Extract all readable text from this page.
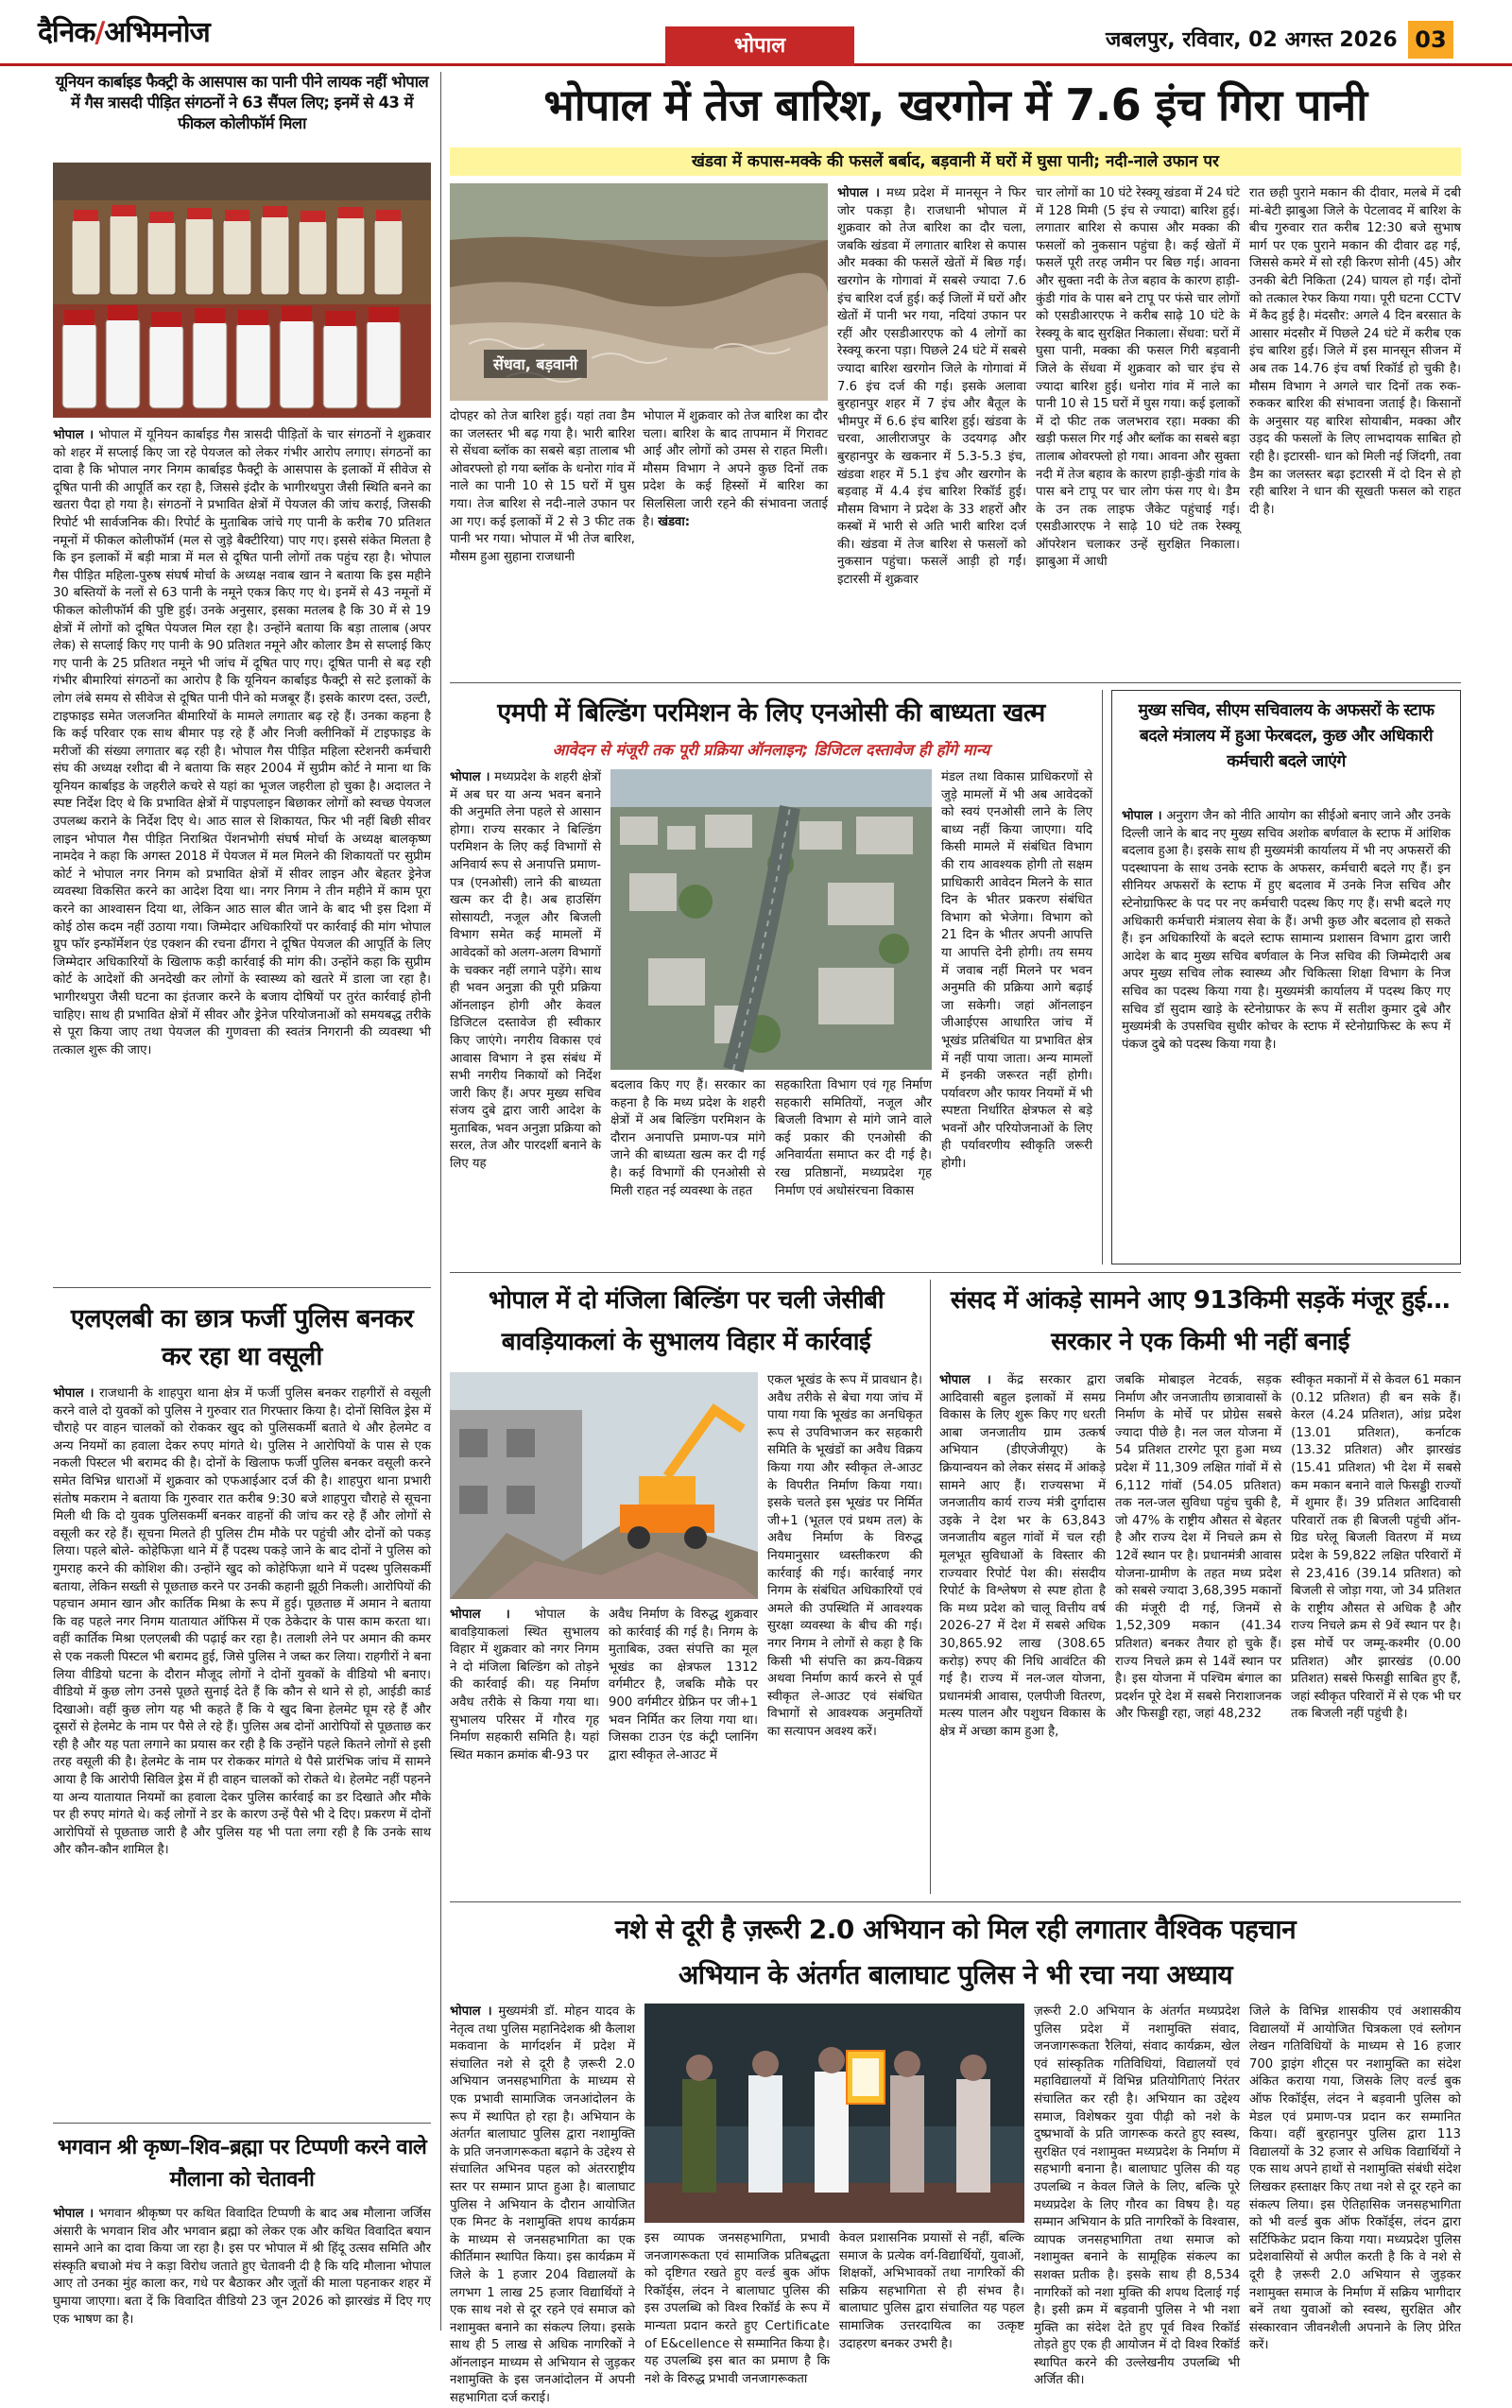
दैनिक/अभिमनोज	भोपाल	जबलपुर, रविवार, 02 अगस्त 2026 03
यूनियन कार्बाइड फैक्ट्री के आसपास का पानी पीने लायक नहीं भोपाल में गैस त्रासदी पीड़ित संगठनों ने 63 सैंपल लिए; इनमें से 43 में फीकल कोलीफॉर्म मिला
भोपाल । भोपाल में यूनियन कार्बाइड गैस त्रासदी पीड़ितों के चार संगठनों ने शुक्रवार को शहर में सप्लाई किए जा रहे पेयजल को लेकर गंभीर आरोप लगाए। संगठनों का दावा है कि भोपाल नगर निगम कार्बाइड फैक्ट्री के आसपास के इलाकों में सीवेज से दूषित पानी की आपूर्ति कर रहा है, जिससे इंदौर के भागीरथपुरा जैसी स्थिति बनने का खतरा पैदा हो गया है। संगठनों ने प्रभावित क्षेत्रों में पेयजल की जांच कराई, जिसकी रिपोर्ट भी सार्वजनिक की। रिपोर्ट के मुताबिक जांचे गए पानी के करीब 70 प्रतिशत नमूनों में फीकल कोलीफॉर्म (मल से जुड़े बैक्टीरिया) पाए गए। इससे संकेत मिलता है कि इन इलाकों में बड़ी मात्रा में मल से दूषित पानी लोगों तक पहुंच रहा है। भोपाल गैस पीड़ित महिला-पुरुष संघर्ष मोर्चा के अध्यक्ष नवाब खान ने बताया कि इस महीने 30 बस्तियों के नलों से 63 पानी के नमूने एकत्र किए गए थे। इनमें से 43 नमूनों में फीकल कोलीफॉर्म की पुष्टि हुई। उनके अनुसार, इसका मतलब है कि 30 में से 19 क्षेत्रों में लोगों को दूषित पेयजल मिल रहा है। उन्होंने बताया कि बड़ा तालाब (अपर लेक) से सप्लाई किए गए पानी के 90 प्रतिशत नमूने और कोलार डैम से सप्लाई किए गए पानी के 25 प्रतिशत नमूने भी जांच में दूषित पाए गए। दूषित पानी से बढ़ रही गंभीर बीमारियां संगठनों का आरोप है कि यूनियन कार्बाइड फैक्ट्री से सटे इलाकों के लोग लंबे समय से सीवेज से दूषित पानी पीने को मजबूर हैं। इसके कारण दस्त, उल्टी, टाइफाइड समेत जलजनित बीमारियों के मामले लगातार बढ़ रहे हैं। उनका कहना है कि कई परिवार एक साथ बीमार पड़ रहे हैं और निजी क्लीनिकों में टाइफाइड के मरीजों की संख्या लगातार बढ़ रही है। भोपाल गैस पीड़ित महिला स्टेशनरी कर्मचारी संघ की अध्यक्ष रशीदा बी ने बताया कि सहर 2004 में सुप्रीम कोर्ट ने माना था कि यूनियन कार्बाइड के जहरीले कचरे से यहां का भूजल जहरीला हो चुका है। अदालत ने स्पष्ट निर्देश दिए थे कि प्रभावित क्षेत्रों में पाइपलाइन बिछाकर लोगों को स्वच्छ पेयजल उपलब्ध कराने के निर्देश दिए थे। आठ साल से शिकायत, फिर भी नहीं बिछी सीवर लाइन भोपाल गैस पीड़ित निराश्रित पेंशनभोगी संघर्ष मोर्चा के अध्यक्ष बालकृष्ण नामदेव ने कहा कि अगस्त 2018 में पेयजल में मल मिलने की शिकायतों पर सुप्रीम कोर्ट ने भोपाल नगर निगम को प्रभावित क्षेत्रों में सीवर लाइन और बेहतर ड्रेनेज व्यवस्था विकसित करने का आदेश दिया था। नगर निगम ने तीन महीने में काम पूरा करने का आश्वासन दिया था, लेकिन आठ साल बीत जाने के बाद भी इस दिशा में कोई ठोस कदम नहीं उठाया गया। जिम्मेदार अधिकारियों पर कार्रवाई की मांग भोपाल ग्रुप फॉर इन्फॉर्मेशन एंड एक्शन की रचना ढींगरा ने दूषित पेयजल की आपूर्ति के लिए जिम्मेदार अधिकारियों के खिलाफ कड़ी कार्रवाई की मांग की। उन्होंने कहा कि सुप्रीम कोर्ट के आदेशों की अनदेखी कर लोगों के स्वास्थ्य को खतरे में डाला जा रहा है। भागीरथपुरा जैसी घटना का इंतजार करने के बजाय दोषियों पर तुरंत कार्रवाई होनी चाहिए। साथ ही प्रभावित क्षेत्रों में सीवर और ड्रेनेज परियोजनाओं को समयबद्ध तरीके से पूरा किया जाए तथा पेयजल की गुणवत्ता की स्वतंत्र निगरानी की व्यवस्था भी तत्काल शुरू की जाए।
एलएलबी का छात्र फर्जी पुलिस बनकर कर रहा था वसूली
भोपाल । राजधानी के शाहपुरा थाना क्षेत्र में फर्जी पुलिस बनकर राहगीरों से वसूली करने वाले दो युवकों को पुलिस ने गुरुवार रात गिरफ्तार किया है। दोनों सिविल ड्रेस में चौराहे पर वाहन चालकों को रोककर खुद को पुलिसकर्मी बताते थे और हेलमेट व अन्य नियमों का हवाला देकर रुपए मांगते थे। पुलिस ने आरोपियों के पास से एक नकली पिस्टल भी बरामद की है। दोनों के खिलाफ फर्जी पुलिस बनकर वसूली करने समेत विभिन्न धाराओं में शुक्रवार को एफआईआर दर्ज की है। शाहपुरा थाना प्रभारी संतोष मकराम ने बताया कि गुरुवार रात करीब 9:30 बजे शाहपुरा चौराहे से सूचना मिली थी कि दो युवक पुलिसकर्मी बनकर वाहनों की जांच कर रहे हैं और लोगों से वसूली कर रहे हैं। सूचना मिलते ही पुलिस टीम मौके पर पहुंची और दोनों को पकड़ लिया। पहले बोले- कोहेफिज़ा थाने में हैं पदस्थ पकड़े जाने के बाद दोनों ने पुलिस को गुमराह करने की कोशिश की। उन्होंने खुद को कोहेफिज़ा थाने में पदस्थ पुलिसकर्मी बताया, लेकिन सख्ती से पूछताछ करने पर उनकी कहानी झूठी निकली। आरोपियों की पहचान अमान खान और कार्तिक मिश्रा के रूप में हुई। पूछताछ में अमान ने बताया कि वह पहले नगर निगम यातायात ऑफिस में एक ठेकेदार के पास काम करता था। वहीं कार्तिक मिश्रा एलएलबी की पढ़ाई कर रहा है। तलाशी लेने पर अमान की कमर से एक नकली पिस्टल भी बरामद हुई, जिसे पुलिस ने जब्त कर लिया। राहगीरों ने बना लिया वीडियो घटना के दौरान मौजूद लोगों ने दोनों युवकों के वीडियो भी बनाए। वीडियो में कुछ लोग उनसे पूछते सुनाई देते हैं कि कौन से थाने से हो, आईडी कार्ड दिखाओ। वहीं कुछ लोग यह भी कहते हैं कि ये खुद बिना हेलमेट घूम रहे हैं और दूसरों से हेलमेट के नाम पर पैसे ले रहे हैं। पुलिस अब दोनों आरोपियों से पूछताछ कर रही है और यह पता लगाने का प्रयास कर रही है कि उन्होंने पहले कितने लोगों से इसी तरह वसूली की है। हेलमेट के नाम पर रोककर मांगते थे पैसे प्रारंभिक जांच में सामने आया है कि आरोपी सिविल ड्रेस में ही वाहन चालकों को रोकते थे। हेलमेट नहीं पहनने या अन्य यातायात नियमों का हवाला देकर पुलिस कार्रवाई का डर दिखाते और मौके पर ही रुपए मांगते थे। कई लोगों ने डर के कारण उन्हें पैसे भी दे दिए। प्रकरण में दोनों आरोपियों से पूछताछ जारी है और पुलिस यह भी पता लगा रही है कि उनके साथ और कौन-कौन शामिल है।
भगवान श्री कृष्ण–शिव–ब्रह्मा पर टिप्पणी करने वाले मौलाना को चेतावनी
भोपाल । भगवान श्रीकृष्ण पर कथित विवादित टिप्पणी के बाद अब मौलाना जर्जिस अंसारी के भगवान शिव और भगवान ब्रह्मा को लेकर एक और कथित विवादित बयान सामने आने का दावा किया जा रहा है। इस पर भोपाल में श्री हिंदू उत्सव समिति और संस्कृति बचाओ मंच ने कड़ा विरोध जताते हुए चेतावनी दी है कि यदि मौलाना भोपाल आए तो उनका मुंह काला कर, गधे पर बैठाकर और जूतों की माला पहनाकर शहर में घुमाया जाएगा। बता दें कि विवादित वीडियो 23 जून 2026 को झारखंड में दिए गए एक भाषण का है।
भोपाल में तेज बारिश, खरगोन में 7.6 इंच गिरा पानी
खंडवा में कपास-मक्के की फसलें बर्बाद, बड़वानी में घरों में घुसा पानी; नदी-नाले उफान पर
सेंधवा, बड़वानी
दोपहर को तेज बारिश हुई। यहां तवा डैम का जलस्तर भी बढ़ गया है। भारी बारिश से सेंधवा ब्लॉक का सबसे बड़ा तालाब भी ओवरफ्लो हो गया ब्लॉक के धनोरा गांव में नाले का पानी 10 से 15 घरों में घुस गया। तेज बारिश से नदी-नाले उफान पर आ गए। कई इलाकों में 2 से 3 फीट तक पानी भर गया। भोपाल में भी तेज बारिश, मौसम हुआ सुहाना राजधानी
भोपाल में शुक्रवार को तेज बारिश का दौर चला। बारिश के बाद तापमान में गिरावट आई और लोगों को उमस से राहत मिली। मौसम विभाग ने अपने कुछ दिनों तक प्रदेश के कई हिस्सों में बारिश का सिलसिला जारी रहने की संभावना जताई है। खंडवा:
भोपाल । मध्य प्रदेश में मानसून ने फिर जोर पकड़ा है। राजधानी भोपाल में शुक्रवार को तेज बारिश का दौर चला, जबकि खंडवा में लगातार बारिश से कपास और मक्का की फसलें खेतों में बिछ गईं। खरगोन के गोगावां में सबसे ज्यादा 7.6 इंच बारिश दर्ज हुई। कई जिलों में घरों और खेतों में पानी भर गया, नदियां उफान पर रहीं और एसडीआरएफ को 4 लोगों का रेस्क्यू करना पड़ा। पिछले 24 घंटे में सबसे ज्यादा बारिश खरगोन जिले के गोगावां में 7.6 इंच दर्ज की गई। इसके अलावा बुरहानपुर शहर में 7 इंच और बैतूल के भीमपुर में 6.6 इंच बारिश हुई। खंडवा के चरवा, आलीराजपुर के उदयगढ़ और बुरहानपुर के खकनार में 5.3-5.3 इंच, खंडवा शहर में 5.1 इंच और खरगोन के बड़वाह में 4.4 इंच बारिश रिकॉर्ड हुई। मौसम विभाग ने प्रदेश के 33 शहरों और कस्बों में भारी से अति भारी बारिश दर्ज की। खंडवा में तेज बारिश से फसलों को नुकसान पहुंचा। फसलें आड़ी हो गईं। इटारसी में शुक्रवार
चार लोगों का 10 घंटे रेस्क्यू खंडवा में 24 घंटे में 128 मिमी (5 इंच से ज्यादा) बारिश हुई। लगातार बारिश से कपास और मक्का की फसलों को नुकसान पहुंचा है। कई खेतों में फसलें पूरी तरह जमीन पर बिछ गई। आवना और सुक्ता नदी के तेज बहाव के कारण हाड़ी-कुंडी गांव के पास बने टापू पर फंसे चार लोगों को एसडीआरएफ ने करीब साढ़े 10 घंटे के रेस्क्यू के बाद सुरक्षित निकाला। सेंधवा: घरों में घुसा पानी, मक्का की फसल गिरी बड़वानी जिले के सेंधवा में शुक्रवार को चार इंच से ज्यादा बारिश हुई। धनोरा गांव में नाले का पानी 10 से 15 घरों में घुस गया। कई इलाकों में दो फीट तक जलभराव रहा। मक्का की खड़ी फसल गिर गई और ब्लॉक का सबसे बड़ा तालाब ओवरफ्लो हो गया। आवना और सुक्ता नदी में तेज बहाव के कारण हाड़ी-कुंडी गांव के पास बने टापू पर चार लोग फंस गए थे। डैम के उन तक लाइफ जैकेट पहुंचाई गई। एसडीआरएफ ने साढ़े 10 घंटे तक रेस्क्यू ऑपरेशन चलाकर उन्हें सुरक्षित निकाला। झाबुआ में आधी
रात छही पुराने मकान की दीवार, मलबे में दबी मां-बेटी झाबुआ जिले के पेटलावद में बारिश के बीच गुरुवार रात करीब 12:30 बजे सुभाष मार्ग पर एक पुराने मकान की दीवार ढह गई, जिससे कमरे में सो रही किरण सोनी (45) और उनकी बेटी निकिता (24) घायल हो गईं। दोनों को तत्काल रेफर किया गया। पूरी घटना CCTV में कैद हुई है। मंदसौर: अगले 4 दिन बरसात के आसार मंदसौर में पिछले 24 घंटे में करीब एक इंच बारिश हुई। जिले में इस मानसून सीजन में अब तक 14.76 इंच वर्षा रिकॉर्ड हो चुकी है। मौसम विभाग ने अगले चार दिनों तक रुक-रुककर बारिश की संभावना जताई है। किसानों के अनुसार यह बारिश सोयाबीन, मक्का और उड़द की फसलों के लिए लाभदायक साबित हो रही है। इटारसी- धान को मिली नई जिंदगी, तवा डैम का जलस्तर बढ़ा इटारसी में दो दिन से हो रही बारिश ने धान की सूखती फसल को राहत दी है।
एमपी में बिल्डिंग परमिशन के लिए एनओसी की बाध्यता खत्म
आवेदन से मंजूरी तक पूरी प्रक्रिया ऑनलाइन; डिजिटल दस्तावेज ही होंगे मान्य
भोपाल । मध्यप्रदेश के शहरी क्षेत्रों में अब घर या अन्य भवन बनाने की अनुमति लेना पहले से आसान होगा। राज्य सरकार ने बिल्डिंग परमिशन के लिए कई विभागों से अनिवार्य रूप से अनापत्ति प्रमाण-पत्र (एनओसी) लाने की बाध्यता खत्म कर दी है। अब हाउसिंग सोसायटी, नजूल और बिजली विभाग समेत कई मामलों में आवेदकों को अलग-अलग विभागों के चक्कर नहीं लगाने पड़ेंगे। साथ ही भवन अनुज्ञा की पूरी प्रक्रिया ऑनलाइन होगी और केवल डिजिटल दस्तावेज ही स्वीकार किए जाएंगे। नगरीय विकास एवं आवास विभाग ने इस संबंध में सभी नगरीय निकायों को निर्देश जारी किए हैं। अपर मुख्य सचिव संजय दुबे द्वारा जारी आदेश के मुताबिक, भवन अनुज्ञा प्रक्रिया को सरल, तेज और पारदर्शी बनाने के लिए यह
बदलाव किए गए हैं। सरकार का कहना है कि मध्य प्रदेश के शहरी क्षेत्रों में अब बिल्डिंग परमिशन के दौरान अनापत्ति प्रमाण-पत्र मांगे जाने की बाध्यता खत्म कर दी गई है। कई विभागों की एनओसी से मिली राहत नई व्यवस्था के तहत
सहकारिता विभाग एवं गृह निर्माण सहकारी समितियों, नजूल और बिजली विभाग से मांगे जाने वाले कई प्रकार की एनओसी की अनिवार्यता समाप्त कर दी गई है। रख प्रतिष्ठानों, मध्यप्रदेश गृह निर्माण एवं अधोसंरचना विकास
मंडल तथा विकास प्राधिकरणों से जुड़े मामलों में भी अब आवेदकों को स्वयं एनओसी लाने के लिए बाध्य नहीं किया जाएगा। यदि किसी मामले में संबंधित विभाग की राय आवश्यक होगी तो सक्षम प्राधिकारी आवेदन मिलने के सात दिन के भीतर प्रकरण संबंधित विभाग को भेजेगा। विभाग को 21 दिन के भीतर अपनी आपत्ति या आपत्ति देनी होगी। तय समय में जवाब नहीं मिलने पर भवन अनुमति की प्रक्रिया आगे बढ़ाई जा सकेगी। जहां ऑनलाइन जीआईएस आधारित जांच में भूखंड प्रतिबंधित या प्रभावित क्षेत्र में नहीं पाया जाता। अन्य मामलों में इनकी जरूरत नहीं होगी। पर्यावरण और फायर नियमों में भी स्पष्टता निर्धारित क्षेत्रफल से बड़े भवनों और परियोजनाओं के लिए ही पर्यावरणीय स्वीकृति जरूरी होगी।
मुख्य सचिव, सीएम सचिवालय के अफसरों के स्टाफ बदले मंत्रालय में हुआ फेरबदल, कुछ और अधिकारी कर्मचारी बदले जाएंगे
भोपाल । अनुराग जैन को नीति आयोग का सीईओ बनाए जाने और उनके दिल्ली जाने के बाद नए मुख्य सचिव अशोक बर्णवाल के स्टाफ में आंशिक बदलाव हुआ है। इसके साथ ही मुख्यमंत्री कार्यालय में भी नए अफसरों की पदस्थापना के साथ उनके स्टाफ के अफसर, कर्मचारी बदले गए हैं। इन सीनियर अफसरों के स्टाफ में हुए बदलाव में उनके निज सचिव और स्टेनोग्राफिस्ट के पद पर नए कर्मचारी पदस्थ किए गए हैं। सभी बदले गए अधिकारी कर्मचारी मंत्रालय सेवा के हैं। अभी कुछ और बदलाव हो सकते हैं। इन अधिकारियों के बदले स्टाफ सामान्य प्रशासन विभाग द्वारा जारी आदेश के बाद मुख्य सचिव बर्णवाल के निज सचिव की जिम्मेदारी अब अपर मुख्य सचिव लोक स्वास्थ्य और चिकित्सा शिक्षा विभाग के निज सचिव का पदस्थ किया गया है। मुख्यमंत्री कार्यालय में पदस्थ किए गए सचिव डॉ सुदाम खाड़े के स्टेनोग्राफर के रूप में सतीश कुमार दुबे और मुख्यमंत्री के उपसचिव सुधीर कोचर के स्टाफ में स्टेनोग्राफिस्ट के रूप में पंकज दुबे को पदस्थ किया गया है।
भोपाल में दो मंजिला बिल्डिंग पर चली जेसीबी बावड़ियाकलां के सुभालय विहार में कार्रवाई
भोपाल । भोपाल के बावड़ियाकलां स्थित सुभालय विहार में शुक्रवार को नगर निगम ने दो मंजिला बिल्डिंग को तोड़ने की कार्रवाई की। यह निर्माण अवैध तरीके से किया गया था। सुभालय परिसर में गौरव गृह निर्माण सहकारी समिति है। यहां स्थित मकान क्रमांक बी-93 पर
अवैध निर्माण के विरुद्ध शुक्रवार को कार्रवाई की गई है। निगम के मुताबिक, उक्त संपत्ति का मूल भूखंड का क्षेत्रफल 1312 वर्गमीटर है, जबकि मौके पर 900 वर्गमीटर ग्रेफ्रिन पर जी+1 भवन निर्मित कर लिया गया था। जिसका टाउन एंड कंट्री प्लानिंग द्वारा स्वीकृत ले-आउट में
एकल भूखंड के रूप में प्रावधान है। अवैध तरीके से बेचा गया जांच में पाया गया कि भूखंड का अनधिकृत रूप से उपविभाजन कर सहकारी समिति के भूखंडों का अवैध विक्रय किया गया और स्वीकृत ले-आउट के विपरीत निर्माण किया गया। इसके चलते इस भूखंड पर निर्मित जी+1 (भूतल एवं प्रथम तल) के अवैध निर्माण के विरुद्ध नियमानुसार ध्वस्तीकरण की कार्रवाई की गई। कार्रवाई नगर निगम के संबंधित अधिकारियों एवं अमले की उपस्थिति में आवश्यक सुरक्षा व्यवस्था के बीच की गई। नगर निगम ने लोगों से कहा है कि किसी भी संपत्ति का क्रय-विक्रय अथवा निर्माण कार्य करने से पूर्व स्वीकृत ले-आउट एवं संबंधित विभागों से आवश्यक अनुमतियों का सत्यापन अवश्य करें।
संसद में आंकड़े सामने आए 913किमी सड़कें मंजूर हुई…सरकार ने एक किमी भी नहीं बनाई
भोपाल । केंद्र सरकार द्वारा आदिवासी बहुल इलाकों में समग्र विकास के लिए शुरू किए गए धरती आबा जनजातीय ग्राम उत्कर्ष अभियान (डीएजेजीयूए) के क्रियान्वयन को लेकर संसद में आंकड़े सामने आए हैं। राज्यसभा में जनजातीय कार्य राज्य मंत्री दुर्गादास उइके ने देश भर के 63,843 जनजातीय बहुल गांवों में चल रही मूलभूत सुविधाओं के विस्तार की राज्यवार रिपोर्ट पेश की। संसदीय रिपोर्ट के विश्लेषण से स्पष्ट होता है कि मध्य प्रदेश को चालू वित्तीय वर्ष 2026-27 में देश में सबसे अधिक 30,865.92 लाख (308.65 करोड़) रुपए की निधि आवंटित की गई है। राज्य में नल-जल योजना, प्रधानमंत्री आवास, एलपीजी वितरण, मत्स्य पालन और पशुधन विकास के क्षेत्र में अच्छा काम हुआ है,
जबकि मोबाइल नेटवर्क, सड़क निर्माण और जनजातीय छात्रावासों के निर्माण के मोर्चे पर प्रोग्रेस सबसे ज्यादा पीछे है। नल जल योजना में 54 प्रतिशत टारगेट पूरा हुआ मध्य प्रदेश में 11,309 लक्षित गांवों में से 6,112 गांवों (54.05 प्रतिशत) तक नल-जल सुविधा पहुंच चुकी है, जो 47% के राष्ट्रीय औसत से बेहतर है और राज्य देश में निचले क्रम से 12वें स्थान पर है। प्रधानमंत्री आवास योजना-ग्रामीण के तहत मध्य प्रदेश को सबसे ज्यादा 3,68,395 मकानों की मंजूरी दी गई, जिनमें से 1,52,309 मकान (41.34 प्रतिशत) बनकर तैयार हो चुके हैं। राज्य निचले क्रम से 14वें स्थान पर है। इस योजना में पश्चिम बंगाल का प्रदर्शन पूरे देश में सबसे निराशाजनक और फिसड्डी रहा, जहां 48,232
स्वीकृत मकानों में से केवल 61 मकान (0.12 प्रतिशत) ही बन सके हैं। केरल (4.24 प्रतिशत), आंध्र प्रदेश (13.01 प्रतिशत), कर्नाटक (13.32 प्रतिशत) और झारखंड (15.41 प्रतिशत) भी देश में सबसे कम मकान बनाने वाले फिसड्डी राज्यों में शुमार हैं। 39 प्रतिशत आदिवासी परिवारों तक ही बिजली पहुंची ऑन-ग्रिड घरेलू बिजली वितरण में मध्य प्रदेश के 59,822 लक्षित परिवारों में से 23,416 (39.14 प्रतिशत) को बिजली से जोड़ा गया, जो 34 प्रतिशत के राष्ट्रीय औसत से अधिक है और राज्य निचले क्रम से 9वें स्थान पर है। इस मोर्चे पर जम्मू-कश्मीर (0.00 प्रतिशत) और झारखंड (0.00 प्रतिशत) सबसे फिसड्डी साबित हुए हैं, जहां स्वीकृत परिवारों में से एक भी घर तक बिजली नहीं पहुंची है।
नशे से दूरी है ज़रूरी 2.0 अभियान को मिल रही लगातार वैश्विक पहचान
अभियान के अंतर्गत बालाघाट पुलिस ने भी रचा नया अध्याय
भोपाल । मुख्यमंत्री डॉ. मोहन यादव के नेतृत्व तथा पुलिस महानिदेशक श्री कैलाश मकवाना के मार्गदर्शन में प्रदेश में संचालित नशे से दूरी है ज़रूरी 2.0 अभियान जनसहभागिता के माध्यम से एक प्रभावी सामाजिक जनआंदोलन के रूप में स्थापित हो रहा है। अभियान के अंतर्गत बालाघाट पुलिस द्वारा नशामुक्ति के प्रति जनजागरूकता बढ़ाने के उद्देश्य से संचालित अभिनव पहल को अंतरराष्ट्रीय स्तर पर सम्मान प्राप्त हुआ है। बालाघाट पुलिस ने अभियान के दौरान आयोजित एक मिनट के नशामुक्ति शपथ कार्यक्रम के माध्यम से जनसहभागिता का एक कीर्तिमान स्थापित किया। इस कार्यक्रम में जिले के 1 हजार 204 विद्यालयों के लगभग 1 लाख 25 हजार विद्यार्थियों ने एक साथ नशे से दूर रहने एवं समाज को नशामुक्त बनाने का संकल्प लिया। इसके साथ ही 5 लाख से अधिक नागरिकों ने ऑनलाइन माध्यम से अभियान से जुड़कर नशामुक्ति के इस जनआंदोलन में अपनी सहभागिता दर्ज कराई।
इस व्यापक जनसहभागिता, प्रभावी जनजागरूकता एवं सामाजिक प्रतिबद्धता को दृष्टिगत रखते हुए वर्ल्ड बुक ऑफ रिकॉर्ड्स, लंदन ने बालाघाट पुलिस की इस उपलब्धि को विश्व रिकॉर्ड के रूप में मान्यता प्रदान करते हुए Certificate of E&cellence से सम्मानित किया है। यह उपलब्धि इस बात का प्रमाण है कि नशे के विरुद्ध प्रभावी जनजागरूकता
केवल प्रशासनिक प्रयासों से नहीं, बल्कि समाज के प्रत्येक वर्ग-विद्यार्थियों, युवाओं, शिक्षकों, अभिभावकों तथा नागरिकों की सक्रिय सहभागिता से ही संभव है। बालाघाट पुलिस द्वारा संचालित यह पहल सामाजिक उत्तरदायित्व का उत्कृष्ट उदाहरण बनकर उभरी है।
ज़रूरी 2.0 अभियान के अंतर्गत मध्यप्रदेश पुलिस प्रदेश में नशामुक्ति संवाद, जनजागरूकता रैलियां, संवाद कार्यक्रम, खेल एवं सांस्कृतिक गतिविधियां, विद्यालयों एवं महाविद्यालयों में विभिन्न प्रतियोगिताएं निरंतर संचालित कर रही है। अभियान का उद्देश्य समाज, विशेषकर युवा पीढ़ी को नशे के दुष्प्रभावों के प्रति जागरूक करते हुए स्वस्थ, सुरक्षित एवं नशामुक्त मध्यप्रदेश के निर्माण में सहभागी बनाना है। बालाघाट पुलिस की यह उपलब्धि न केवल जिले के लिए, बल्कि पूरे मध्यप्रदेश के लिए गौरव का विषय है। यह सम्मान अभियान के प्रति नागरिकों के विश्वास, व्यापक जनसहभागिता तथा समाज को नशामुक्त बनाने के सामूहिक संकल्प का सशक्त प्रतीक है। इसके साथ ही 8,534 नागरिकों को नशा मुक्ति की शपथ दिलाई गई है। इसी क्रम में बड़वानी पुलिस ने भी नशा मुक्ति का संदेश देते हुए पूर्व विश्व रिकॉर्ड तोड़ते हुए एक ही आयोजन में दो विश्व रिकॉर्ड स्थापित करने की उल्लेखनीय उपलब्धि भी अर्जित की।
जिले के विभिन्न शासकीय एवं अशासकीय विद्यालयों में आयोजित चित्रकला एवं स्लोगन लेखन गतिविधियों के माध्यम से 16 हजार 700 ड्राइंग शीट्स पर नशामुक्ति का संदेश अंकित कराया गया, जिसके लिए वर्ल्ड बुक ऑफ रिकॉर्ड्स, लंदन ने बड़वानी पुलिस को मेडल एवं प्रमाण-पत्र प्रदान कर सम्मानित किया। वहीं बुरहानपुर पुलिस द्वारा 113 विद्यालयों के 32 हजार से अधिक विद्यार्थियों ने एक साथ अपने हाथों से नशामुक्ति संबंधी संदेश लिखकर हस्ताक्षर किए तथा नशे से दूर रहने का संकल्प लिया। इस ऐतिहासिक जनसहभागिता को भी वर्ल्ड बुक ऑफ रिकॉर्ड्स, लंदन द्वारा सर्टिफिकेट प्रदान किया गया। मध्यप्रदेश पुलिस प्रदेशवासियों से अपील करती है कि वे नशे से दूरी है ज़रूरी 2.0 अभियान से जुड़कर नशामुक्त समाज के निर्माण में सक्रिय भागीदार बनें तथा युवाओं को स्वस्थ, सुरक्षित और संस्कारवान जीवनशैली अपनाने के लिए प्रेरित करें।
